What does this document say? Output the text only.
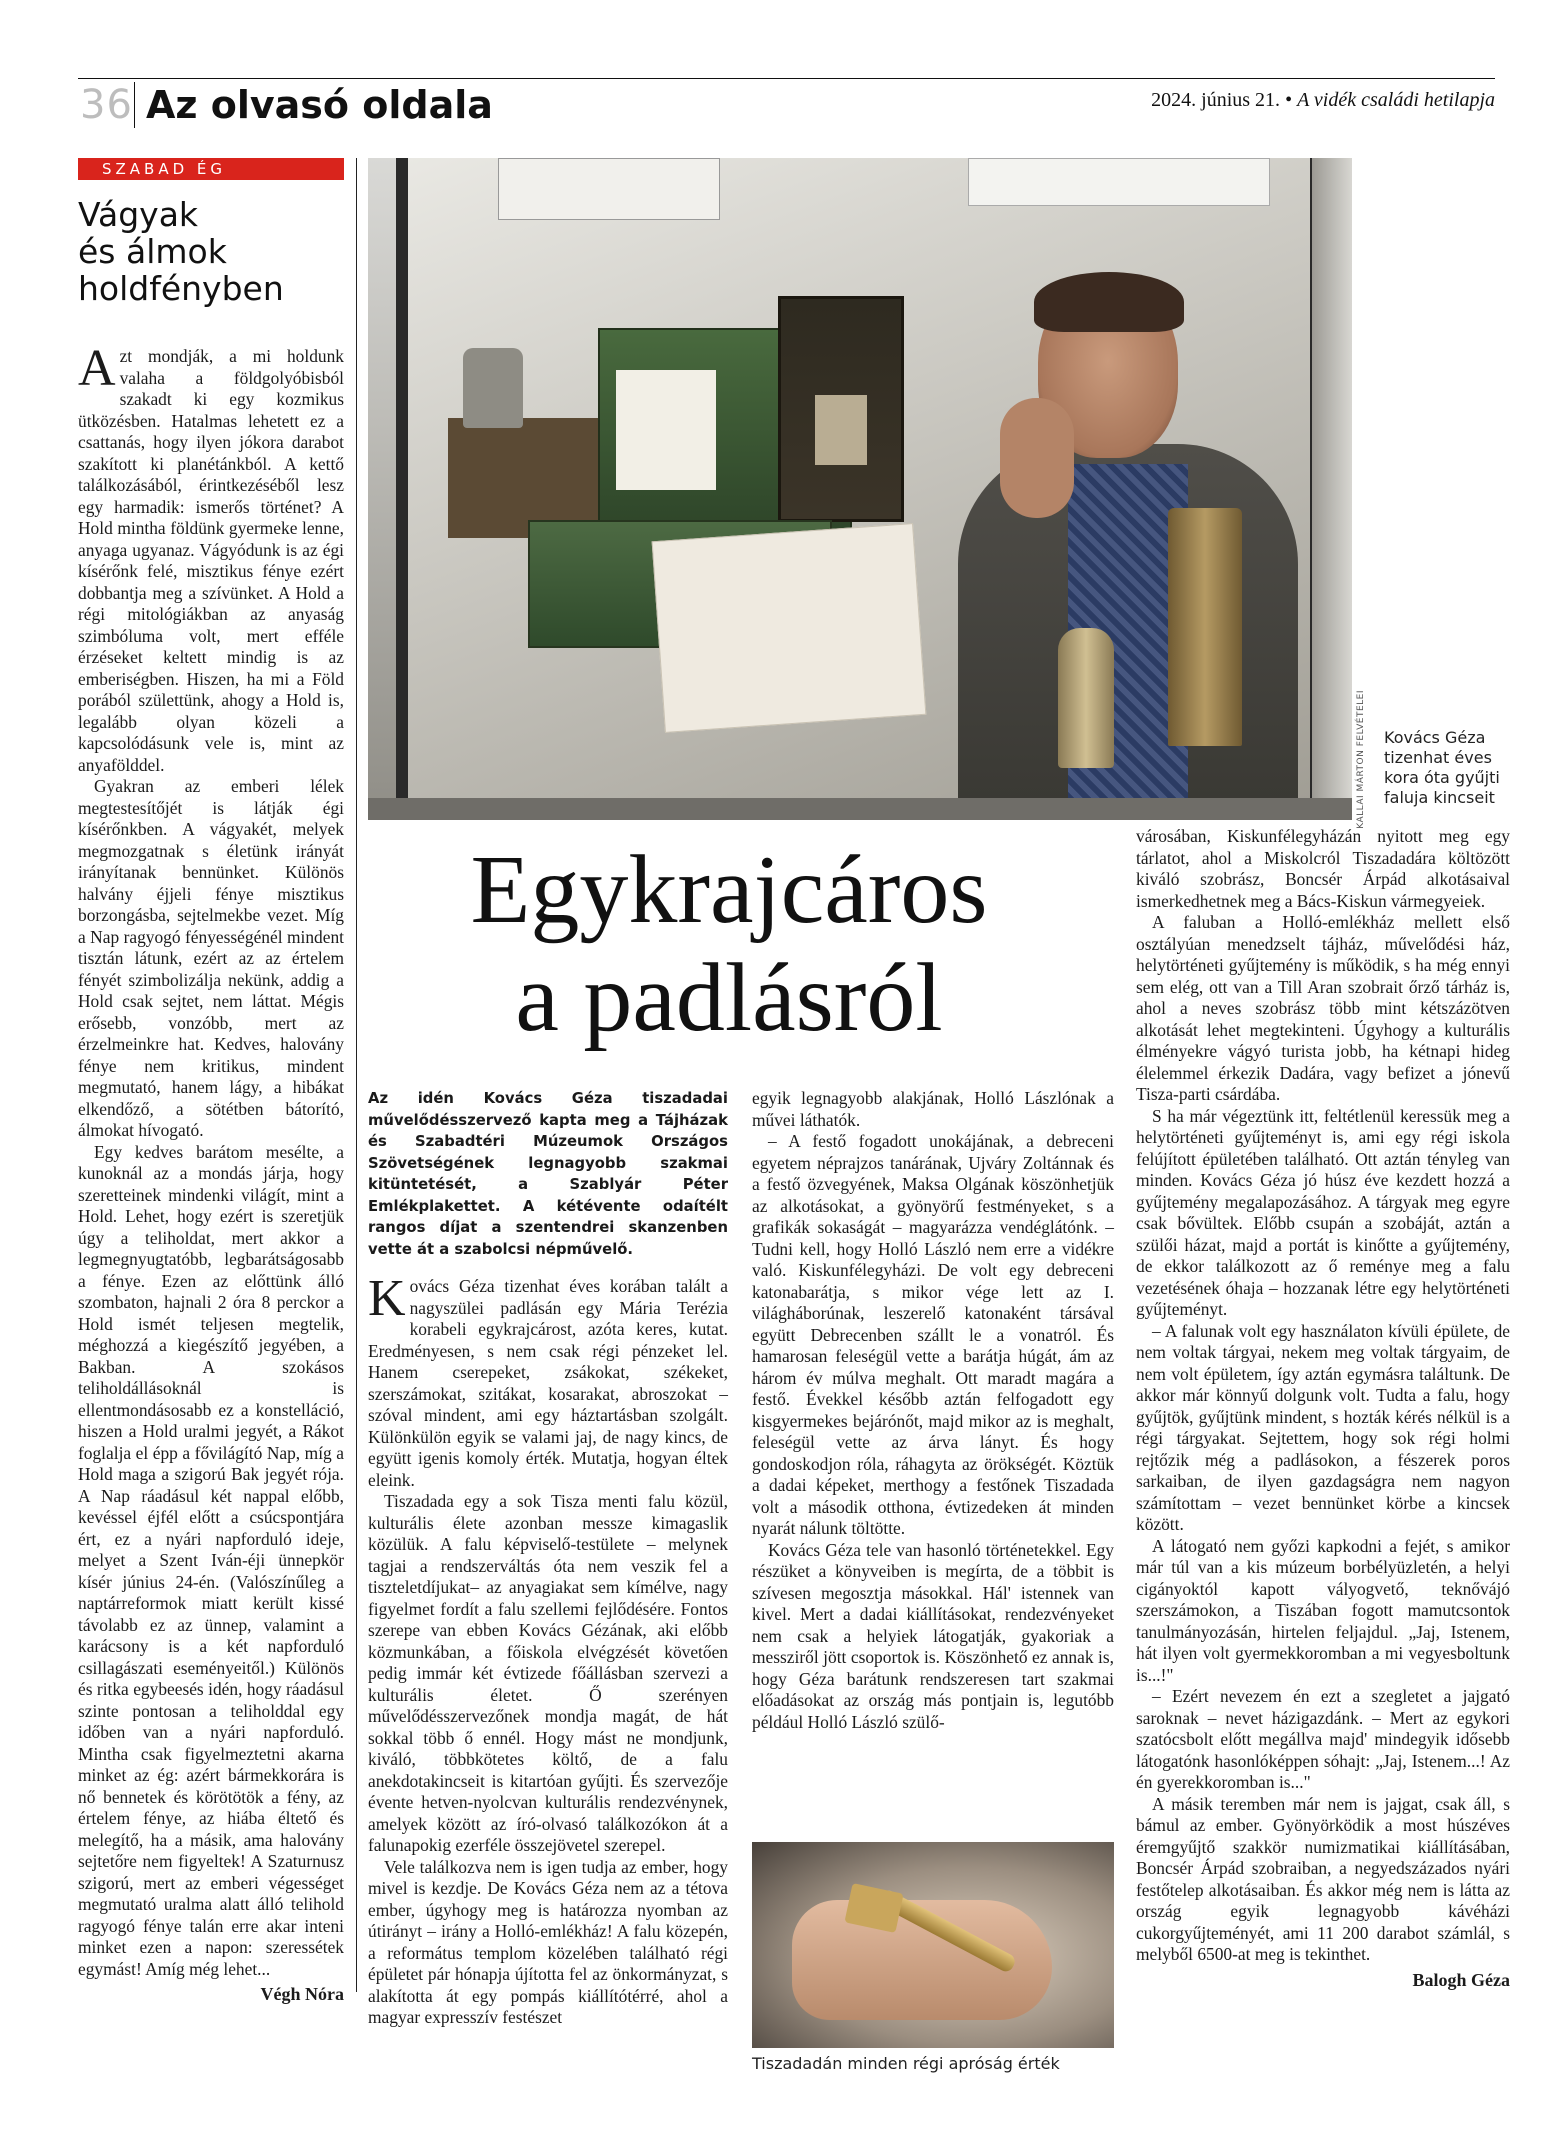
36 Az olvasó oldala	2024. június 21. • A vidék családi hetilapja
SZABAD ÉG
Vágyak
és álmok
holdfényben

Azt mondják, a mi holdunk valaha a földgolyóbisból szakadt ki egy kozmikus ütközésben. Hatalmas lehetett ez a csattanás, hogy ilyen jókora darabot szakított ki planétánkból. A kettő találkozásából, érintkezéséből lesz egy harmadik: ismerős történet? A Hold mintha földünk gyermeke lenne, anyaga ugyanaz. Vágyódunk is az égi kísérőnk felé, misztikus fénye ezért dobbantja meg a szívünket. A Hold a régi mitológiákban az anyaság szimbóluma volt, mert efféle érzéseket keltett mindig is az emberiségben. Hiszen, ha mi a Föld porából születtünk, ahogy a Hold is, legalább olyan közeli a kapcsolódásunk vele is, mint az anyafölddel.

Gyakran az emberi lélek megtestesítőjét is látják égi kísérőnkben. A vágyakét, melyek megmozgatnak s életünk irányát irányítanak bennünket. Különös halvány éjjeli fénye misztikus borzongásba, sejtelmekbe vezet. Míg a Nap ragyogó fényességénél mindent tisztán látunk, ezért az az értelem fényét szimbolizálja nekünk, addig a Hold csak sejtet, nem láttat. Mégis erősebb, vonzóbb, mert az érzelmeinkre hat. Kedves, halovány fénye nem kritikus, mindent megmutató, hanem lágy, a hibákat elkendőző, a sötétben bátorító, álmokat hívogató.

Egy kedves barátom mesélte, a kunoknál az a mondás járja, hogy szeretteinek mindenki világít, mint a Hold. Lehet, hogy ezért is szeretjük úgy a teliholdat, mert akkor a legmegnyugtatóbb, legbarátságosabb a fénye. Ezen az előttünk álló szombaton, hajnali 2 óra 8 perckor a Hold ismét teljesen megtelik, méghozzá a kiegészítő jegyében, a Bakban. A szokásos teliholdállásoknál is ellentmondásosabb ez a konstelláció, hiszen a Hold uralmi jegyét, a Rákot foglalja el épp a fővilágító Nap, míg a Hold maga a szigorú Bak jegyét rója. A Nap ráadásul két nappal előbb, kevéssel éjfél előtt a csúcspontjára ért, ez a nyári napforduló ideje, melyet a Szent Iván-éji ünnepkör kísér június 24-én. (Valószínűleg a naptárreformok miatt került kissé távolabb ez az ünnep, valamint a karácsony is a két napforduló csillagászati eseményeitől.) Különös és ritka egybeesés idén, hogy ráadásul szinte pontosan a teliholddal egy időben van a nyári napforduló. Mintha csak figyelmeztetni akarna minket az ég: azért bármekkorára is nő bennetek és körötötök a fény, az értelem fénye, az hiába éltető és melegítő, ha a másik, ama halovány sejtetőre nem figyeltek! A Szaturnusz szigorú, mert az emberi végességet megmutató uralma alatt álló telihold ragyogó fénye talán erre akar inteni minket ezen a napon: szeressétek egymást! Amíg még lehet...

Végh Nóra
KALLAI MÁRTON FELVÉTELEI Kovács Géza
tizenhat éves
kora óta gyűjti
faluja kincseit
Egykrajcáros
a padlásról
Az idén Kovács Géza tiszadadai művelődésszervező kapta meg a Tájházak és Szabadtéri Múzeumok Országos Szövetségének legnagyobb szakmai kitüntetését, a Szablyár Péter Emlékplakettet. A kétévente odaítélt rangos díjat a szentendrei skanzenben vette át a szabolcsi népművelő.

Kovács Géza tizenhat éves korában talált a nagyszülei padlásán egy Mária Terézia korabeli egykrajcárost, azóta keres, kutat. Eredményesen, s nem csak régi pénzeket lel. Hanem cserepeket, zsákokat, székeket, szerszámokat, szitákat, kosarakat, abroszokat – szóval mindent, ami egy háztartásban szolgált. Különkülön egyik se valami jaj, de nagy kincs, de együtt igenis komoly érték. Mutatja, hogyan éltek eleink.

Tiszadada egy a sok Tisza menti falu közül, kulturális élete azonban messze kimagaslik közülük. A falu képviselő-testülete – melynek tagjai a rendszerváltás óta nem veszik fel a tiszteletdíjukat– az anyagiakat sem kímélve, nagy figyelmet fordít a falu szellemi fejlődésére. Fontos szerepe van ebben Kovács Gézának, aki előbb közmunkában, a főiskola elvégzését követően pedig immár két évtizede főállásban szervezi a kulturális életet. Ő szerényen művelődésszervezőnek mondja magát, de hát sokkal több ő ennél. Hogy mást ne mondjunk, kiváló, többkötetes költő, de a falu anekdotakincseit is kitartóan gyűjti. És szervezője évente hetven-nyolcvan kulturális rendezvénynek, amelyek között az író-olvasó találkozókon át a falunapokig ezerféle összejövetel szerepel.

Vele találkozva nem is igen tudja az ember, hogy mivel is kezdje. De Kovács Géza nem az a tétova ember, úgyhogy meg is határozza nyomban az útirányt – irány a Holló-emlékház! A falu közepén, a református templom közelében található régi épületet pár hónapja újította fel az önkormányzat, s alakította át egy pompás kiállítótérré, ahol a magyar expresszív festészet

egyik legnagyobb alakjának, Holló Lászlónak a művei láthatók.

– A festő fogadott unokájának, a debreceni egyetem néprajzos tanárának, Ujváry Zoltánnak és a festő özvegyének, Maksa Olgának köszönhetjük az alkotásokat, a gyönyörű festményeket, s a grafikák sokaságát – magyarázza vendéglátónk. – Tudni kell, hogy Holló László nem erre a vidékre való. Kiskunfélegyházi. De volt egy debreceni katonabarátja, s mikor vége lett az I. világháborúnak, leszerelő katonaként társával együtt Debrecenben szállt le a vonatról. És hamarosan feleségül vette a barátja húgát, ám az három év múlva meghalt. Ott maradt magára a festő. Évekkel később aztán felfogadott egy kisgyermekes bejárónőt, majd mikor az is meghalt, feleségül vette az árva lányt. És hogy gondoskodjon róla, ráhagyta az örökségét. Köztük a dadai képeket, merthogy a festőnek Tiszadada volt a második otthona, évtizedeken át minden nyarát nálunk töltötte.

Kovács Géza tele van hasonló történetekkel. Egy részüket a könyveiben is megírta, de a többit is szívesen megosztja másokkal. Hál' istennek van kivel. Mert a dadai kiállításokat, rendezvényeket nem csak a helyiek látogatják, gyakoriak a messziről jött csoportok is. Köszönhető ez annak is, hogy Géza barátunk rendszeresen tart szakmai előadásokat az ország más pontjain is, legutóbb például Holló László szülő-

Tiszadadán minden régi apróság érték

városában, Kiskunfélegyházán nyitott meg egy tárlatot, ahol a Miskolcról Tiszadadára költözött kiváló szobrász, Boncsér Árpád alkotásaival ismerkedhetnek meg a Bács-Kiskun vármegyeiek.

A faluban a Holló-emlékház mellett első osztályúan menedzselt tájház, művelődési ház, helytörténeti gyűjtemény is működik, s ha még ennyi sem elég, ott van a Till Aran szobrait őrző tárház is, ahol a neves szobrász több mint kétszázötven alkotását lehet megtekinteni. Úgyhogy a kulturális élményekre vágyó turista jobb, ha kétnapi hideg élelemmel érkezik Dadára, vagy befizet a jónevű Tisza-parti csárdába.

S ha már végeztünk itt, feltétlenül keressük meg a helytörténeti gyűjteményt is, ami egy régi iskola felújított épületében található. Ott aztán tényleg van minden. Kovács Géza jó húsz éve kezdett hozzá a gyűjtemény megalapozásához. A tárgyak meg egyre csak bővültek. Előbb csupán a szobáját, aztán a szülői házat, majd a portát is kinőtte a gyűjtemény, de ekkor találkozott az ő reménye meg a falu vezetésének óhaja – hozzanak létre egy helytörténeti gyűjteményt.

– A falunak volt egy használaton kívüli épülete, de nem voltak tárgyai, nekem meg voltak tárgyaim, de nem volt épületem, így aztán egymásra találtunk. De akkor már könnyű dolgunk volt. Tudta a falu, hogy gyűjtök, gyűjtünk mindent, s hozták kérés nélkül is a régi tárgyakat. Sejtettem, hogy sok régi holmi rejtőzik még a padlásokon, a fészerek poros sarkaiban, de ilyen gazdagságra nem nagyon számítottam – vezet bennünket körbe a kincsek között.

A látogató nem győzi kapkodni a fejét, s amikor már túl van a kis múzeum borbélyüzletén, a helyi cigányoktól kapott vályogvető, teknővájó szerszámokon, a Tiszában fogott mamutcsontok tanulmányozásán, hirtelen feljajdul. „Jaj, Istenem, hát ilyen volt gyermekkoromban a mi vegyesboltunk is...!"

– Ezért nevezem én ezt a szegletet a jajgató saroknak – nevet házigazdánk. – Mert az egykori szatócsbolt előtt megállva majd' mindegyik idősebb látogatónk hasonlóképpen sóhajt: „Jaj, Istenem...! Az én gyerekkoromban is..."

A másik teremben már nem is jajgat, csak áll, s bámul az ember. Gyönyörködik a most húszéves éremgyűjtő szakkör numizmatikai kiállításában, Boncsér Árpád szobraiban, a negyedszázados nyári festőtelep alkotásaiban. És akkor még nem is látta az ország egyik legnagyobb kávéházi cukorgyűjteményét, ami 11 200 darabot számlál, s melyből 6500-at meg is tekinthet.

Balogh Géza
